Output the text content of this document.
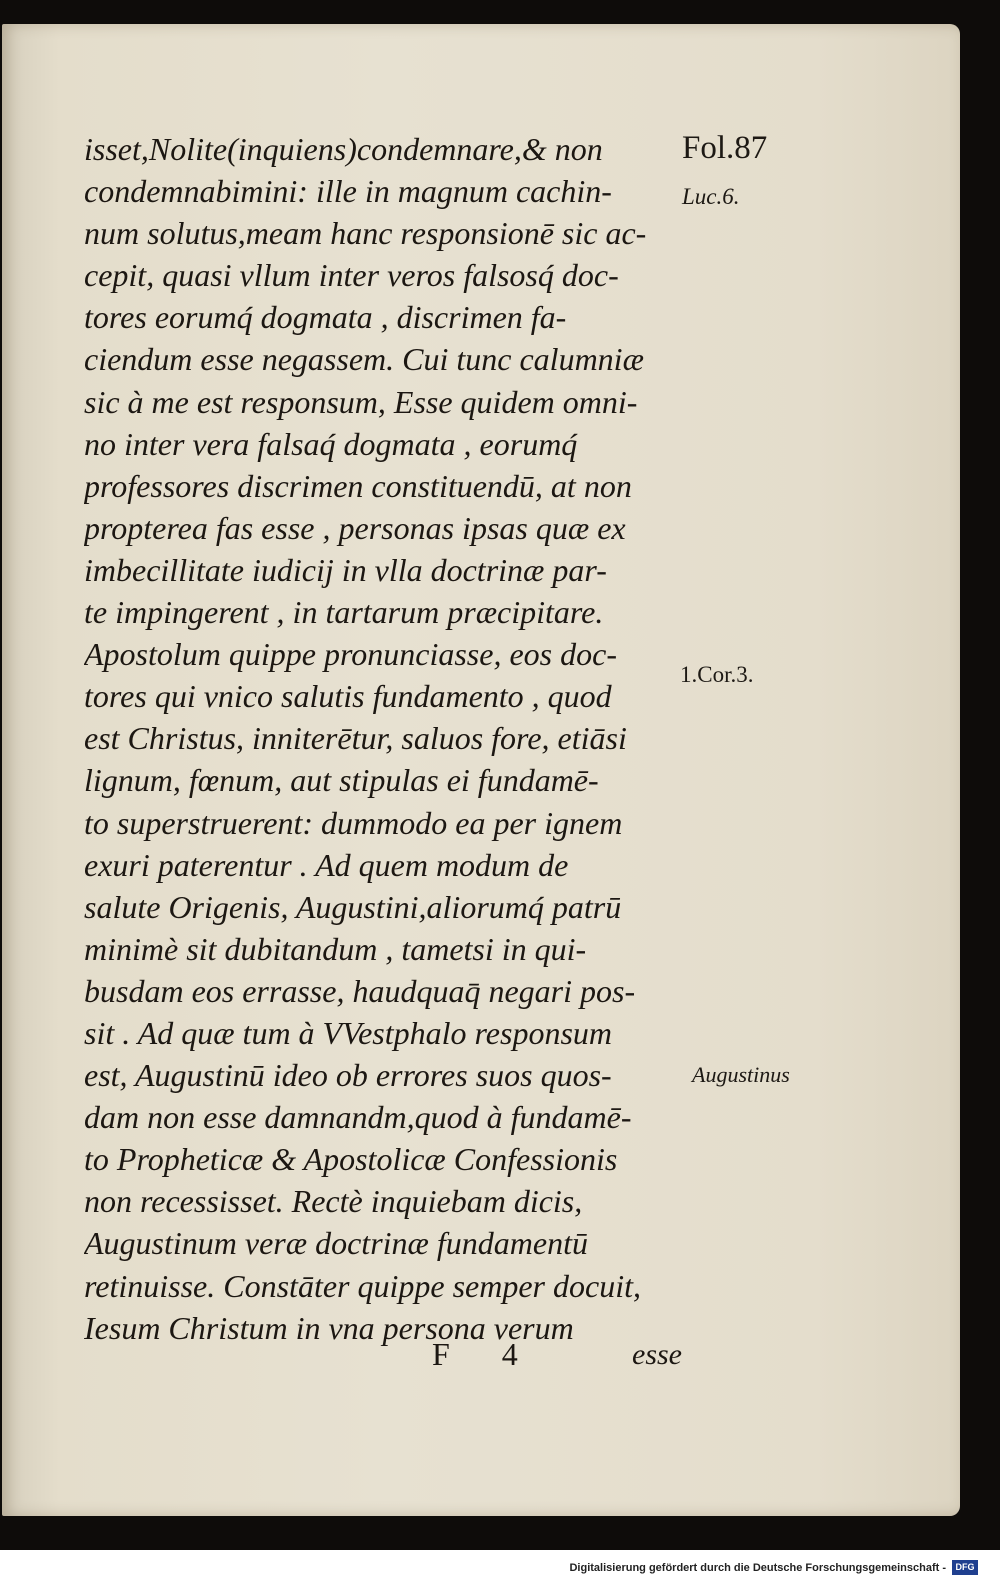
Fol.87
isset,Nolite(inquiens)condemnare,& non
condemnabimini: ille in magnum cachin-
num solutus,meam hanc responsionē sic ac-
cepit, quasi vllum inter veros falsosq́ doc-
tores eorumq́ dogmata , discrimen fa-
ciendum esse negassem. Cui tunc calumniæ
sic à me est responsum, Esse quidem omni-
no inter vera falsaq́ dogmata , eorumq́
professores discrimen constituendū, at non
propterea fas esse , personas ipsas quæ ex
imbecillitate iudicij in vlla doctrinæ par-
te impingerent , in tartarum præcipitare.
Apostolum quippe pronunciasse, eos doc-
tores qui vnico salutis fundamento , quod
est Christus, inniterētur, saluos fore, etiāsi
lignum, fœnum, aut stipulas ei fundamē-
to superstruerent: dummodo ea per ignem
exuri paterentur . Ad quem modum de
salute Origenis, Augustini,aliorumq́ patrū
minimè sit dubitandum , tametsi in qui-
busdam eos errasse, haudquaq̄ negari pos-
sit . Ad quæ tum à VVestphalo responsum
est, Augustinū ideo ob errores suos quos-
dam non esse damnandm,quod à fundamē-
to Propheticæ & Apostolicæ Confessionis
non recessisset. Rectè inquiebam dicis,
Augustinum veræ doctrinæ fundamentū
retinuisse. Constāter quippe semper docuit,
Iesum Christum in vna persona verum
Luc.6.
1.Cor.3.
Augustinus
F 4	esse
Digitalisierung gefördert durch die Deutsche Forschungsgemeinschaft -	DFG
